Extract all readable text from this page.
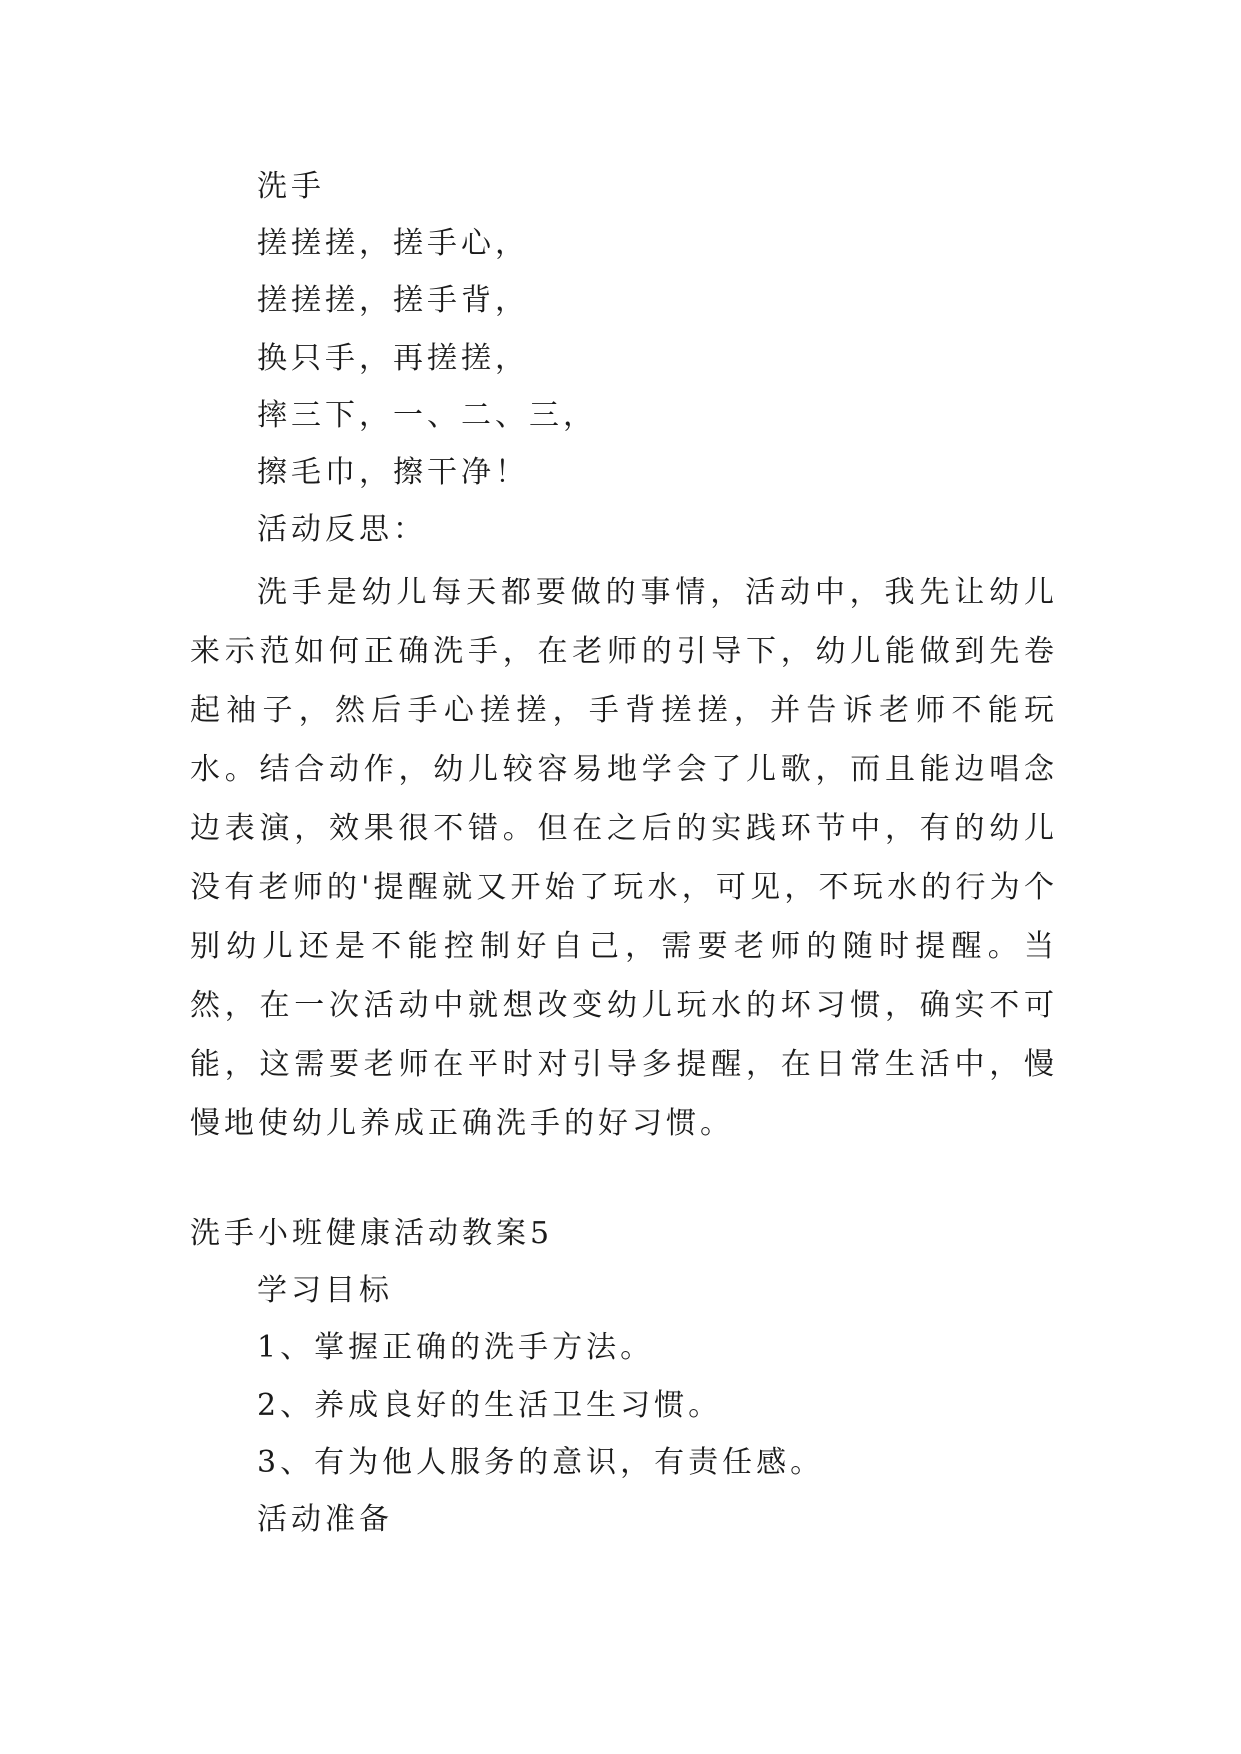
洗手
搓搓搓，搓手心，
搓搓搓，搓手背，
换只手，再搓搓，
摔三下，一、二、三，
擦毛巾，擦干净！
活动反思：
洗手是幼儿每天都要做的事情，活动中，我先让幼儿来示范如何正确洗手，在老师的引导下，幼儿能做到先卷起袖子，然后手心搓搓，手背搓搓，并告诉老师不能玩水。结合动作，幼儿较容易地学会了儿歌，而且能边唱念边表演，效果很不错。但在之后的实践环节中，有的幼儿没有老师的'提醒就又开始了玩水，可见，不玩水的行为个别幼儿还是不能控制好自己，需要老师的随时提醒。当然，在一次活动中就想改变幼儿玩水的坏习惯，确实不可能，这需要老师在平时对引导多提醒，在日常生活中，慢慢地使幼儿养成正确洗手的好习惯。
洗手小班健康活动教案5
学习目标
1、掌握正确的洗手方法。
2、养成良好的生活卫生习惯。
3、有为他人服务的意识，有责任感。
活动准备
